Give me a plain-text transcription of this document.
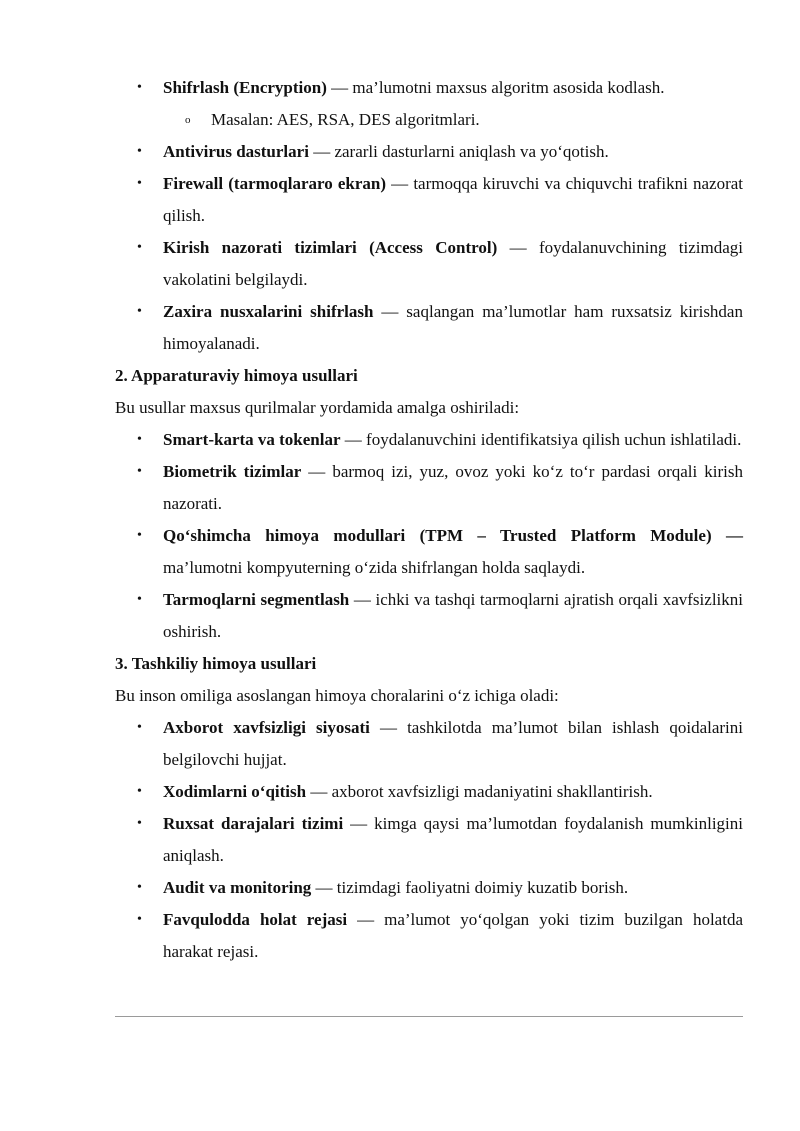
• Shifrlash (Encryption) — ma’lumotni maxsus algoritm asosida kodlash.
o Masalan: AES, RSA, DES algoritmlari.
• Antivirus dasturlari — zararli dasturlarni aniqlash va yo‘qotish.
• Firewall (tarmoqlararo ekran) — tarmoqqa kiruvchi va chiquvchi trafikni nazorat qilish.
• Kirish nazorati tizimlari (Access Control) — foydalanuvchining tizimdagi vakolatini belgilaydi.
• Zaxira nusxalarini shifrlash — saqlangan ma’lumotlar ham ruxsatsiz kirishdan himoyalanadi.
2. Apparaturaviy himoya usullari
Bu usullar maxsus qurilmalar yordamida amalga oshiriladi:
• Smart-karta va tokenlar — foydalanuvchini identifikatsiya qilish uchun ishlatiladi.
• Biometrik tizimlar — barmoq izi, yuz, ovoz yoki ko‘z to‘r pardasi orqali kirish nazorati.
• Qo‘shimcha himoya modullari (TPM – Trusted Platform Module) — ma’lumotni kompyuterning o‘zida shifrlangan holda saqlaydi.
• Tarmoqlarni segmentlash — ichki va tashqi tarmoqlarni ajratish orqali xavfsizlikni oshirish.
3. Tashkiliy himoya usullari
Bu inson omiliga asoslangan himoya choralarini o‘z ichiga oladi:
• Axborot xavfsizligi siyosati — tashkilotda ma’lumot bilan ishlash qoidalarini belgilovchi hujjat.
• Xodimlarni o‘qitish — axborot xavfsizligi madaniyatini shakllantirish.
• Ruxsat darajalari tizimi — kimga qaysi ma’lumotdan foydalanish mumkinligini aniqlash.
• Audit va monitoring — tizimdagi faoliyatni doimiy kuzatib borish.
• Favqulodda holat rejasi — ma’lumot yo‘qolgan yoki tizim buzilgan holatda harakat rejasi.
